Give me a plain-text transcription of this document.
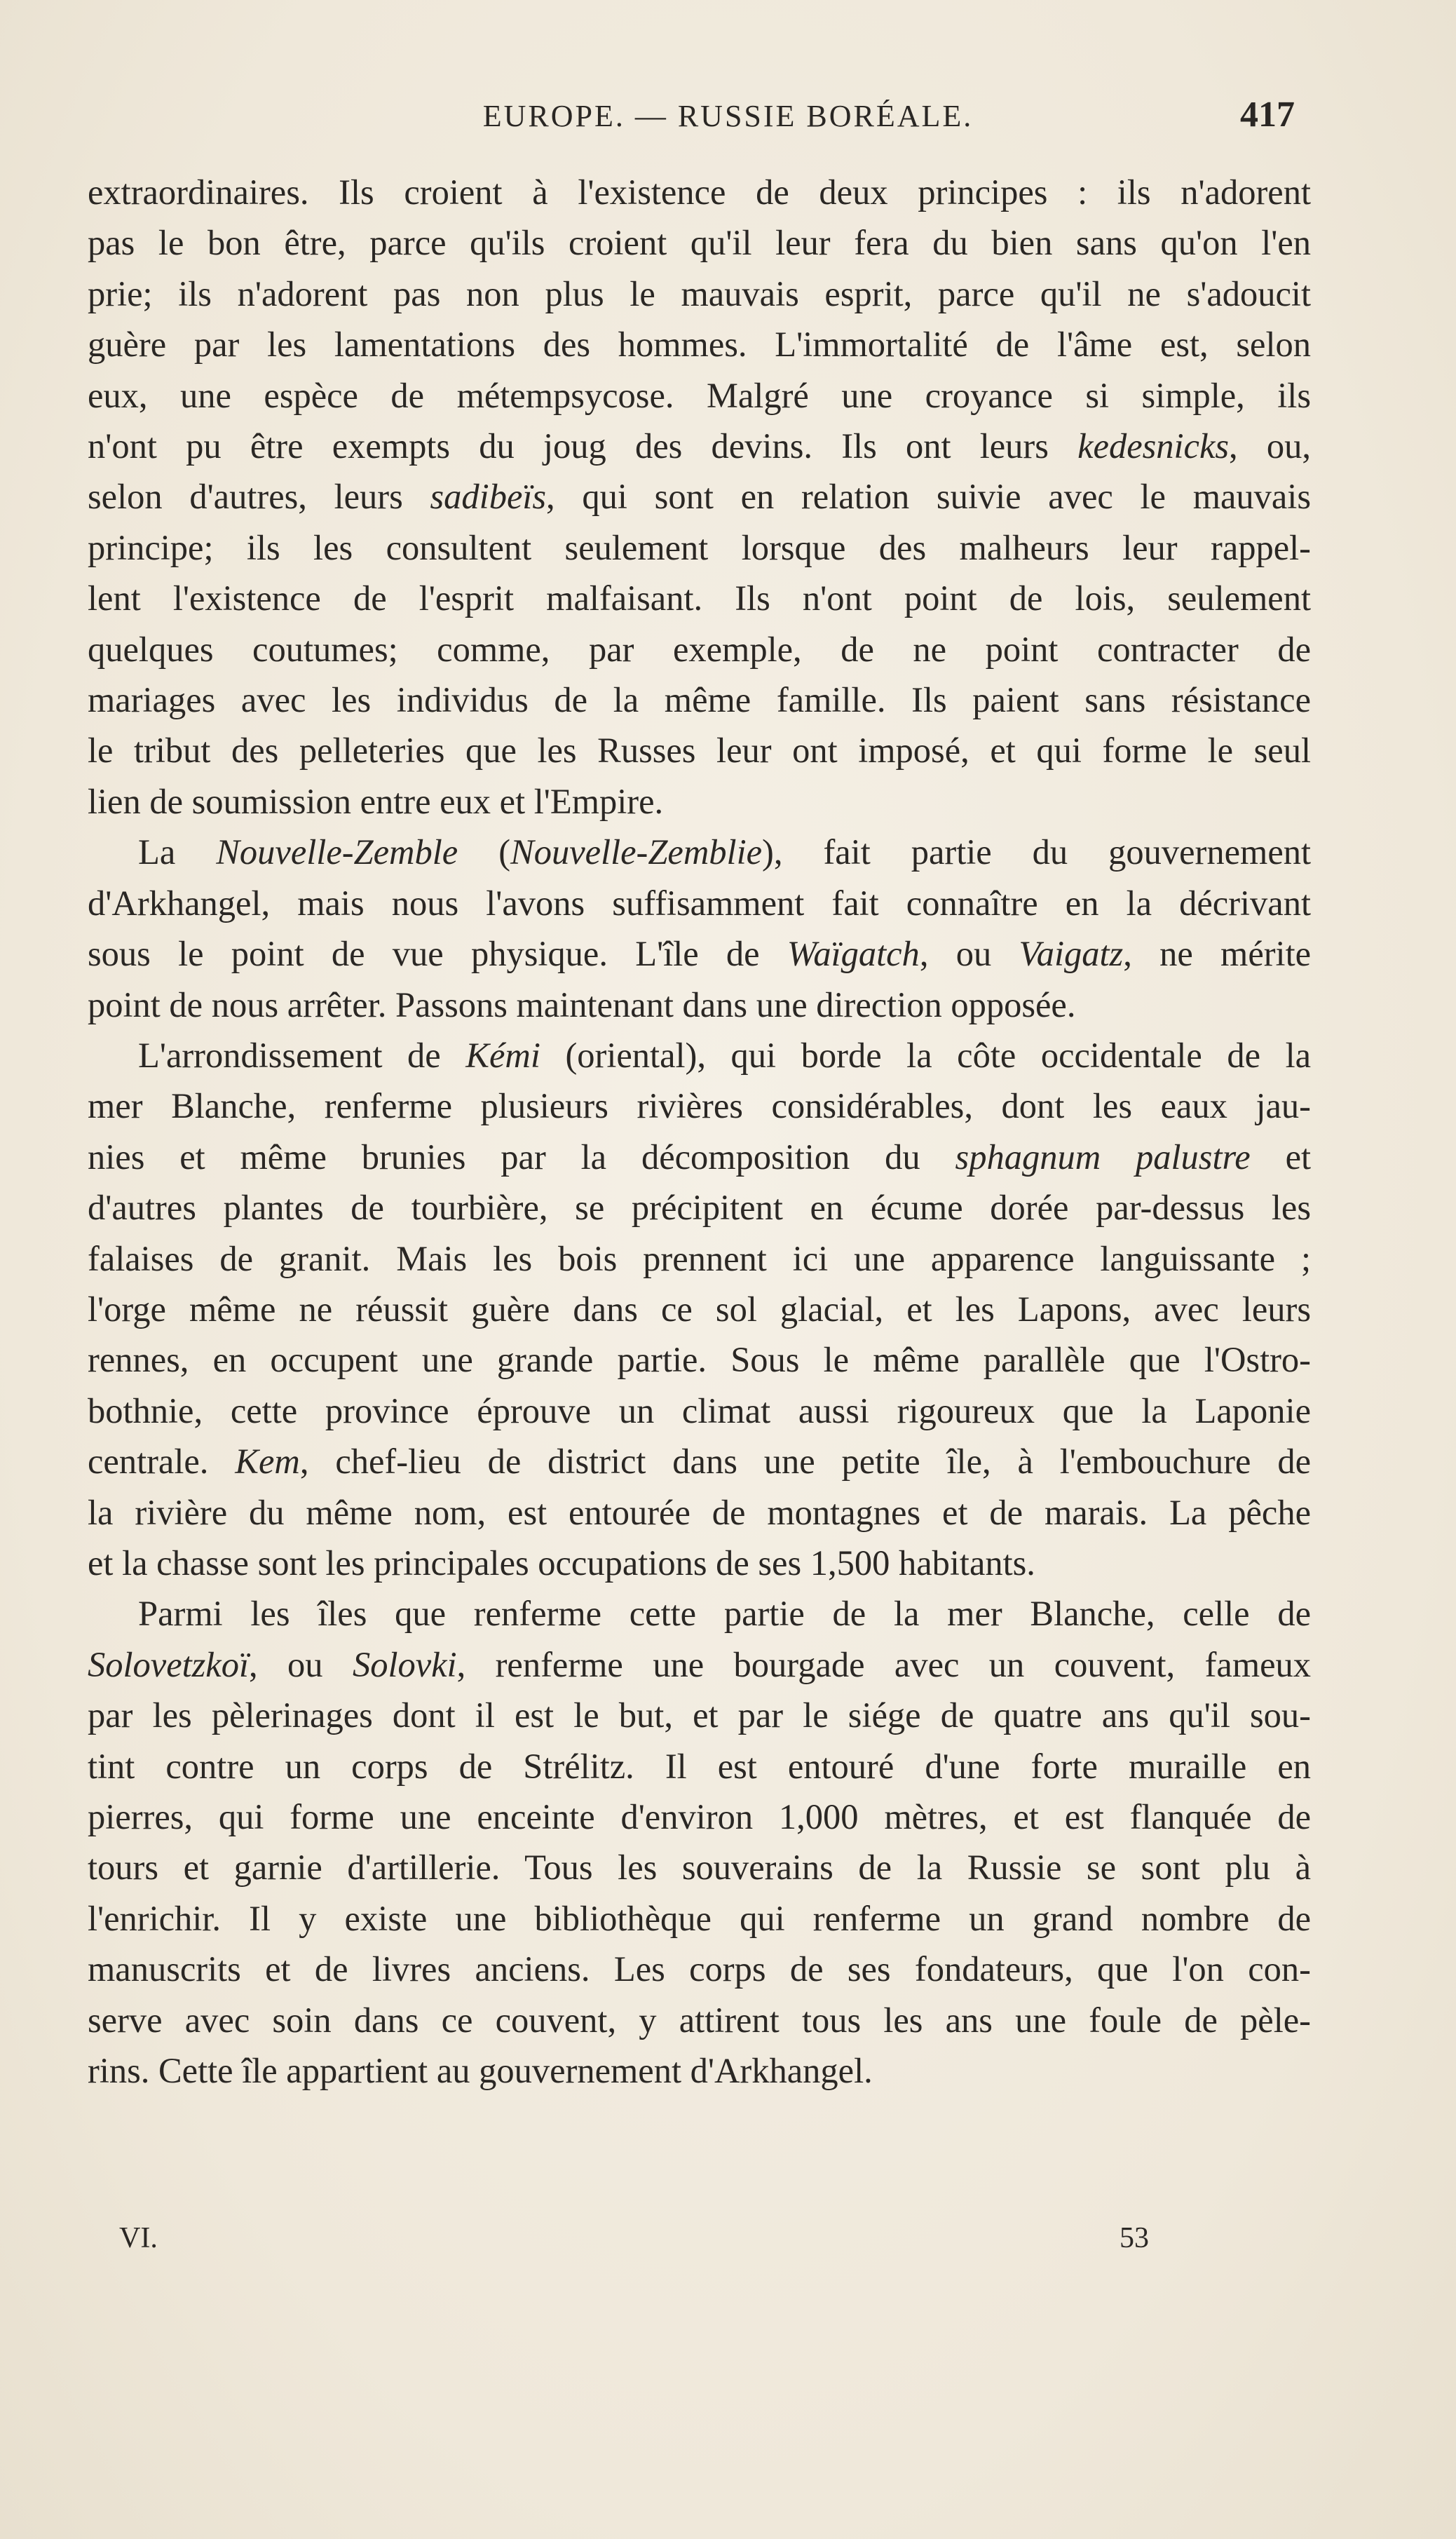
EUROPE. — RUSSIE BORÉALE.	417

extraordinaires. Ils croient à l'existence de deux principes : ils n'adorent

pas le bon être, parce qu'ils croient qu'il leur fera du bien sans qu'on l'en

prie; ils n'adorent pas non plus le mauvais esprit, parce qu'il ne s'adoucit

guère par les lamentations des hommes. L'immortalité de l'âme est, selon

eux, une espèce de métempsycose. Malgré une croyance si simple, ils

n'ont pu être exempts du joug des devins. Ils ont leurs kedesnicks, ou,

selon d'autres, leurs sadibeïs, qui sont en relation suivie avec le mauvais

principe; ils les consultent seulement lorsque des malheurs leur rappel-

lent l'existence de l'esprit malfaisant. Ils n'ont point de lois, seulement

quelques coutumes; comme, par exemple, de ne point contracter de

mariages avec les individus de la même famille. Ils paient sans résistance

le tribut des pelleteries que les Russes leur ont imposé, et qui forme le seul

lien de soumission entre eux et l'Empire.

La Nouvelle-Zemble (Nouvelle-Zemblie), fait partie du gouvernement

d'Arkhangel, mais nous l'avons suffisamment fait connaître en la décrivant

sous le point de vue physique. L'île de Waïgatch, ou Vaigatz, ne mérite

point de nous arrêter. Passons maintenant dans une direction opposée.

L'arrondissement de Kémi (oriental), qui borde la côte occidentale de la

mer Blanche, renferme plusieurs rivières considérables, dont les eaux jau-

nies et même brunies par la décomposition du sphagnum palustre et

d'autres plantes de tourbière, se précipitent en écume dorée par-dessus les

falaises de granit. Mais les bois prennent ici une apparence languissante ;

l'orge même ne réussit guère dans ce sol glacial, et les Lapons, avec leurs

rennes, en occupent une grande partie. Sous le même parallèle que l'Ostro-

bothnie, cette province éprouve un climat aussi rigoureux que la Laponie

centrale. Kem, chef-lieu de district dans une petite île, à l'embouchure de

la rivière du même nom, est entourée de montagnes et de marais. La pêche

et la chasse sont les principales occupations de ses 1,500 habitants.

Parmi les îles que renferme cette partie de la mer Blanche, celle de

Solovetzkoï, ou Solovki, renferme une bourgade avec un couvent, fameux

par les pèlerinages dont il est le but, et par le siége de quatre ans qu'il sou-

tint contre un corps de Strélitz. Il est entouré d'une forte muraille en

pierres, qui forme une enceinte d'environ 1,000 mètres, et est flanquée de

tours et garnie d'artillerie. Tous les souverains de la Russie se sont plu à

l'enrichir. Il y existe une bibliothèque qui renferme un grand nombre de

manuscrits et de livres anciens. Les corps de ses fondateurs, que l'on con-

serve avec soin dans ce couvent, y attirent tous les ans une foule de pèle-

rins. Cette île appartient au gouvernement d'Arkhangel.

VI.	53
